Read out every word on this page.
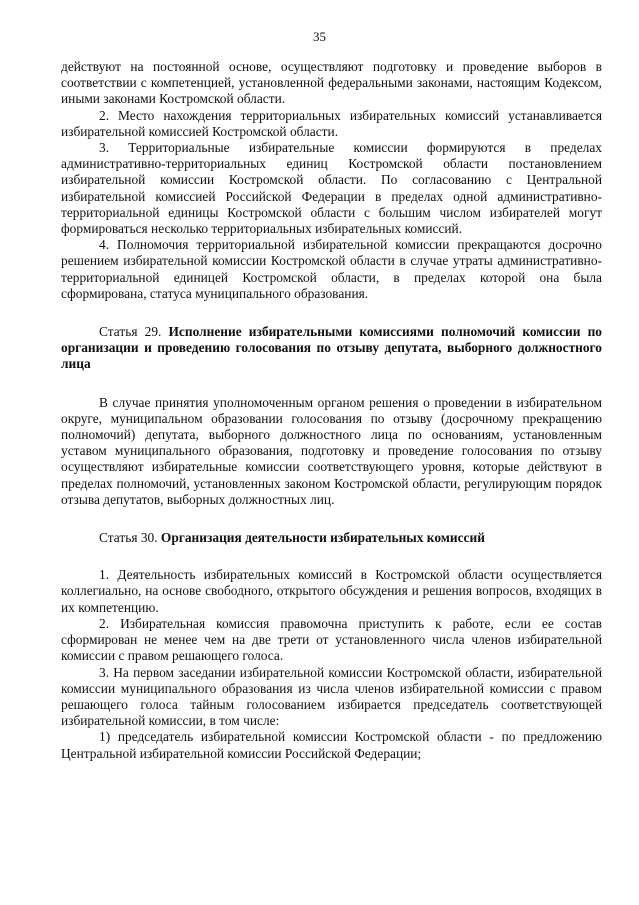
35

действуют на постоянной основе, осуществляют подготовку и проведение выборов в соответствии с компетенцией, установленной федеральными законами, настоящим Кодексом, иными законами Костромской области.

2. Место нахождения территориальных избирательных комиссий устанавливается избирательной комиссией Костромской области.

3. Территориальные избирательные комиссии формируются в пределах административно-территориальных единиц Костромской области постановлением избирательной комиссии Костромской области. По согласованию с Центральной избирательной комиссией Российской Федерации в пределах одной административно-территориальной единицы Костромской области с большим числом избирателей могут формироваться несколько территориальных избирательных комиссий.

4. Полномочия территориальной избирательной комиссии прекращаются досрочно решением избирательной комиссии Костромской области в случае утраты административно-территориальной единицей Костромской области, в пределах которой она была сформирована, статуса муниципального образования.

Статья 29. Исполнение избирательными комиссиями полномочий комиссии по организации и проведению голосования по отзыву депутата, выборного должностного лица

В случае принятия уполномоченным органом решения о проведении в избирательном округе, муниципальном образовании голосования по отзыву (досрочному прекращению полномочий) депутата, выборного должностного лица по основаниям, установленным уставом муниципального образования, подготовку и проведение голосования по отзыву осуществляют избирательные комиссии соответствующего уровня, которые действуют в пределах полномочий, установленных законом Костромской области, регулирующим порядок отзыва депутатов, выборных должностных лиц.

Статья 30. Организация деятельности избирательных комиссий

1. Деятельность избирательных комиссий в Костромской области осуществляется коллегиально, на основе свободного, открытого обсуждения и решения вопросов, входящих в их компетенцию.

2. Избирательная комиссия правомочна приступить к работе, если ее состав сформирован не менее чем на две трети от установленного числа членов избирательной комиссии с правом решающего голоса.

3. На первом заседании избирательной комиссии Костромской области, избирательной комиссии муниципального образования из числа членов избирательной комиссии с правом решающего голоса тайным голосованием избирается председатель соответствующей избирательной комиссии, в том числе:

1) председатель избирательной комиссии Костромской области - по предложению Центральной избирательной комиссии Российской Федерации;
